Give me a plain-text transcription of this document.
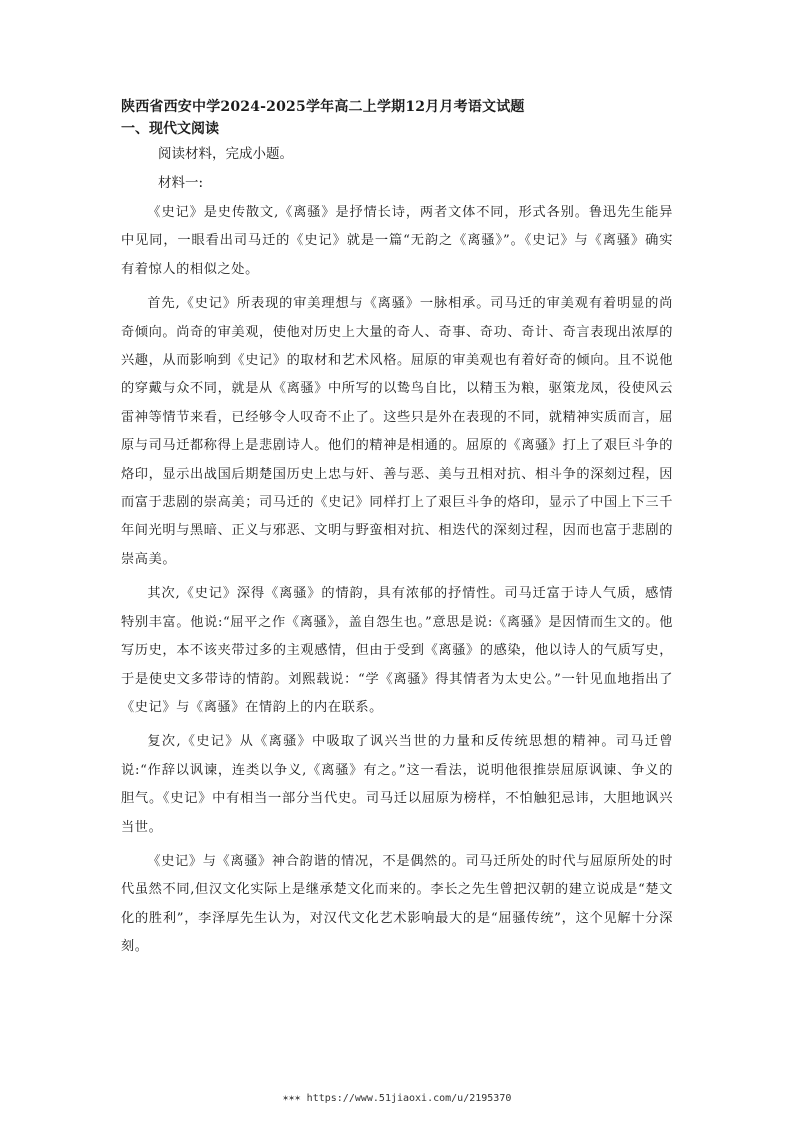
陕西省西安中学2024-2025学年高二上学期12月月考语文试题
一、现代文阅读
阅读材料，完成小题。
材料一:

《史记》是史传散文,《离骚》是抒情长诗，两者文体不同，形式各别。鲁迅先生能异中见同，一眼看出司马迁的《史记》就是一篇“无韵之《离骚》”。《史记》与《离骚》确实有着惊人的相似之处。

首先,《史记》所表现的审美理想与《离骚》一脉相承。司马迁的审美观有着明显的尚奇倾向。尚奇的审美观，使他对历史上大量的奇人、奇事、奇功、奇计、奇言表现出浓厚的兴趣，从而影响到《史记》的取材和艺术风格。屈原的审美观也有着好奇的倾向。且不说他的穿戴与众不同，就是从《离骚》中所写的以鸷鸟自比，以精玉为粮，驱策龙凤，役使风云雷神等情节来看，已经够令人叹奇不止了。这些只是外在表现的不同，就精神实质而言，屈原与司马迁都称得上是悲剧诗人。他们的精神是相通的。屈原的《离骚》打上了艰巨斗争的烙印，显示出战国后期楚国历史上忠与奸、善与恶、美与丑相对抗、相斗争的深刻过程，因而富于悲剧的崇高美；司马迁的《史记》同样打上了艰巨斗争的烙印，显示了中国上下三千年间光明与黑暗、正义与邪恶、文明与野蛮相对抗、相迭代的深刻过程，因而也富于悲剧的崇高美。

其次,《史记》深得《离骚》的情韵，具有浓郁的抒情性。司马迁富于诗人气质，感情特别丰富。他说:“屈平之作《离骚》，盖自怨生也。”意思是说:《离骚》是因情而生文的。他写历史，本不该夹带过多的主观感情，但由于受到《离骚》的感染，他以诗人的气质写史，于是使史文多带诗的情韵。刘熙载说：“学《离骚》得其情者为太史公。”一针见血地指出了《史记》与《离骚》在情韵上的内在联系。

复次,《史记》从《离骚》中吸取了讽兴当世的力量和反传统思想的精神。司马迁曾说:“作辞以讽谏，连类以争义,《离骚》有之。”这一看法，说明他很推崇屈原讽谏、争义的胆气。《史记》中有相当一部分当代史。司马迁以屈原为榜样，不怕触犯忌讳，大胆地讽兴当世。

《史记》与《离骚》神合韵谐的情况，不是偶然的。司马迁所处的时代与屈原所处的时代虽然不同,但汉文化实际上是继承楚文化而来的。李长之先生曾把汉朝的建立说成是“楚文化的胜利”，李泽厚先生认为，对汉代文化艺术影响最大的是“屈骚传统”，这个见解十分深刻。

✶✶✶ https://www.51jiaoxi.com/u/2195370
